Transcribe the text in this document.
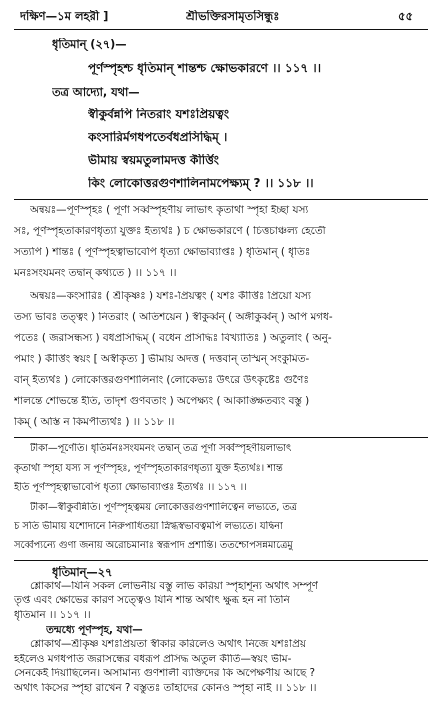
দক্ষিণ—১ম লহরী ]	শ্রীভক্তিরসামৃতসিন্ধুঃ	৫৫
ধৃতিমান্ (২৭)—
পূর্ণস্পৃহশ্চ ধৃতিমান্ শান্তশ্চ ক্ষোভকারণে ।। ১১৭ ।।
তত্র আদ্যো, যথা—
স্বীকুর্বন্নপি নিতরাং যশঃপ্রিয়ত্বং
কংসারির্মগধপতের্বধপ্রসিদ্ধিম্ ।
ভীমায় স্বয়মতুলামদত্ত কীর্ত্তিং
কিং লোকোত্তরগুণশালিনামপেক্ষ্যম্ ? ।। ১১৮ ।।
অন্বয়ঃ—পূর্ণস্পৃহঃ ( পূর্ণা সর্ব্বস্পৃহণীয় লাভাৎ কৃতার্থা স্পৃহা ইচ্ছা যস্য
সঃ, পূর্ণস্পৃহতাকারণধৃত্যা যুক্তঃ ইত্যর্থঃ ) চ ক্ষোভকারণে ( চিত্তচাঞ্চল্য হেতৌ
সত্যপি ) শান্তঃ ( পূর্ণস্পৃহত্বাভাবেপি ধৃত্যা ক্ষোভাব্যাপ্তঃ ) ধৃতিমান্ ( ধৃতিঃ
মনঃসংযমনং তদ্বান্ কথ্যতে ) ।। ১১৭ ।।
অন্বয়ঃ—কংসারিঃ ( শ্রীকৃষ্ণঃ ) যশঃ-প্রিয়ত্বং ( যশঃ কীর্ত্তিঃ প্রিয়ো যস্য
তস্য ভাবঃ তত্ত্বং ) নিতরাং ( অতিশয়েন ) স্বীকুর্ব্বন্ ( অঙ্গীকুর্ব্বন্ ) অপি মগধ-
পতেঃ ( জরাসন্ধস্য ) বধপ্রসিদ্ধিম্ ( বধেন প্রসিদ্ধিঃ বিখ্যাতিঃ ) অতুলাং ( অনু-
পমাং ) কীর্ত্তিং স্বয়ং [ অস্বীকৃত্য ] ভীমায় অদত্ত ( দত্তবান্ তস্মিন্ সংকুমিত-
বান্ ইত্যর্থঃ ) লোকোত্তরগুণশালিনাং (লোকেভ্যঃ উৎরে উৎকৃষ্টেঃ গুণৈঃ
শালন্তে শোভন্তে ইতি, তাদৃশ গুণবতাং ) অপেক্ষ্যং ( আকাঙ্ক্ষিতব্যং বস্তু )
কিম্ ( অস্তি ন কিমপীত্যর্থঃ ) ।। ১১৮ ।।
টীকা—পূর্ণেতি। ধৃতির্মনঃসংযমনং তদ্বান্ তত্র পূর্ণা সর্ব্বস্পৃহণীয়লাভাৎ
কৃতার্থা স্পৃহা যস্য স পূর্ণস্পৃহঃ, পূর্ণস্পৃহতাকারণধৃত্যা যুক্ত ইত্যর্থঃ। শান্ত
ইতি পূর্ণস্পৃহত্বাভাবেপি ধৃত্যা ক্ষোভাব্যাপ্তঃ ইত্যর্থঃ ।। ১১৭ ।।
টীকা—স্বীকুর্বন্নিতি। পূর্ণস্পৃহত্বময় লোকোত্তরগুণশালিত্বেন লভ্যতে, তত্র
চ সতি ভীমায় যশোদানে নিরুপাধিতয়া স্নিগ্ধস্বভাবত্বমপি লভ্যতে। যদ্বিনা
সর্ব্বেপ্যন্যে গুণা জনায় অরোচমানাঃ স্বরূপাদ প্রশান্তি। ততশ্চোপসন্নমাত্রেমু
ধৃতিমান্—২৭
শ্লোকার্থ—যিনি সকল লোভনীয় বস্তু লাভ করিয়া স্পৃহাশূন্য অর্থাৎ সম্পূর্ণ
তৃপ্ত এবং ক্ষোভের কারণ সত্ত্বেও যিনি শান্ত অর্থাৎ ক্ষুব্ধ হন না তিনি
ধৃতিমান ।। ১১৭ ।।
তন্মধ্যে পূর্ণস্পৃহ, যথা—
শ্লোকার্থ—শ্রীকৃষ্ণ যশঃপ্রিয়তা স্বীকার করিলেও অর্থাৎ নিজে যশঃপ্রিয়
হইলেও মগধপতি জরাসন্ধের বধরূপ প্রসিদ্ধ অতুল কীর্তি—স্বয়ং ভীম-
সেনকেই দিয়াছিলেন। অসামান্য গুণশালী ব্যক্তিদের কি অপেক্ষণীয় আছে ?
অর্থাৎ কিসের স্পৃহা রাখেন ? বস্তুতঃ তাঁহাদের কোনও স্পৃহা নাই ।। ১১৮ ।।
